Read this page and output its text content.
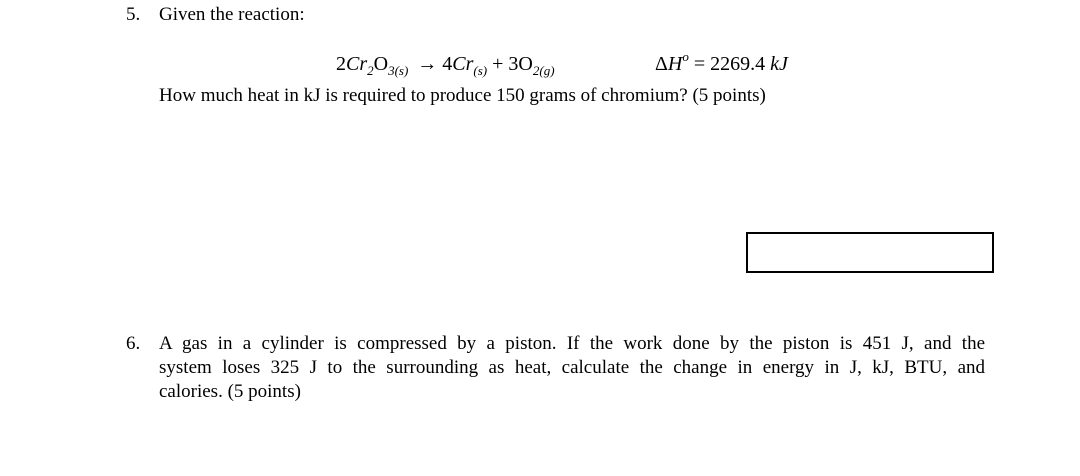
5. Given the reaction:
$2Cr_2O_{3(s)} \to 4Cr_{(s)} + 3O_{2(g)}$	$\Delta H^o = 2269.4$ kJ
How much heat in kJ is required to produce 150 grams of chromium? (5 points)
6. A gas in a cylinder is compressed by a piston. If the work done by the piston is 451 J, and the
system loses 325 J to the surrounding as heat, calculate the change in energy in J, kJ, BTU, and
calories. (5 points)
